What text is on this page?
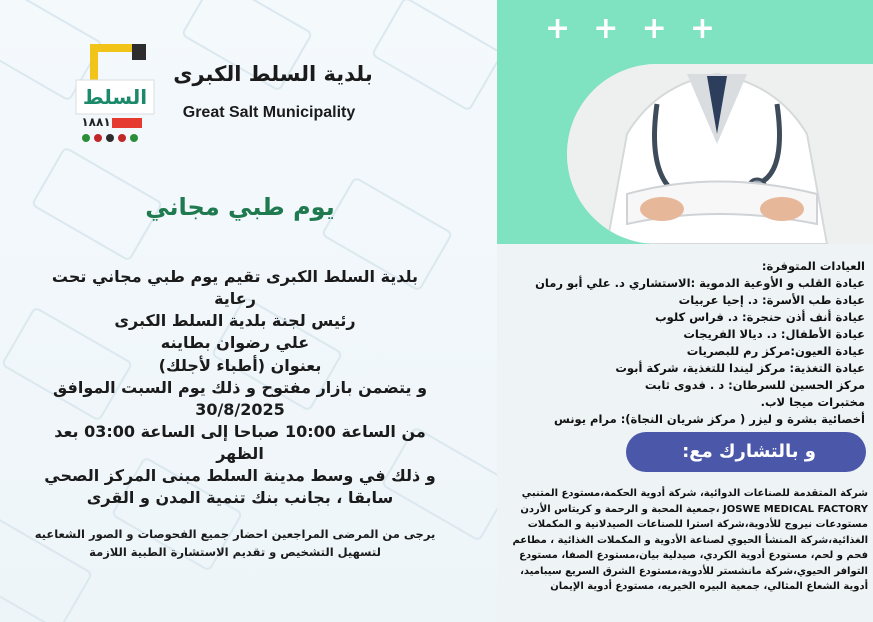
+ + + +
السلط
١٨٨١
بلدية السلط الكبرى
Great Salt Municipality
يوم طبي مجاني
بلدية السلط الكبرى تقيم يوم طبي مجاني تحت رعاية
رئيس لجنة بلدية السلط الكبرى
علي رضوان بطاينه
بعنوان (أطباء لأجلك)
و يتضمن بازار مفتوح و ذلك يوم السبت الموافق
30/8/2025
من الساعة 10:00 صباحا إلى الساعة 03:00 بعد الظهر
و ذلك في وسط مدينة السلط مبنى المركز الصحي
سابقا ، بجانب بنك تنمية المدن و القرى
يرجى من المرضى المراجعين احضار جميع الفحوصات و الصور الشعاعيه
لتسهيل التشخيص و تقديم الاستشارة الطبية اللازمة
العيادات المتوفرة:
عيادة القلب و الأوعية الدموية :الاستشاري د. علي أبو رمان
عيادة طب الأسرة: د. إحيا عربيات
عيادة أنف أذن حنجرة: د. فراس كلوب
عيادة الأطفال: د. ديالا الفريجات
عيادة العيون:مركز رم للبصريات
عيادة التغذية: مركز ليندا للتغذية، شركة أبوت
مركز الحسين للسرطان: د . فدوى ثابت
مختبرات ميجا لاب.
أخصائية بشرة و ليزر ( مركز شريان النجاة): مرام يونس
و بالتشارك مع:
شركة المتقدمة للصناعات الدوائية، شركة أدوية الحكمة،مستودع المتنبي
JOSWE MEDICAL FACTORY ،جمعية المحبة و الرحمة و كريتاس الأردن
مستودعات نيروج للأدوية،شركة استرا للصناعات الصيدلانية و المكملات
الغذائية،شركة المنشأ الحيوي لصناعة الأدوية و المكملات الغذائية ، مطاعم
فحم و لحم، مستودع أدوية الكردي، صيدلية بيان،مستودع الصفا، مستودع
التوافر الحيوي،شركة مانشستر للأدوية،مستودع الشرق السريع سيباميد،
أدوية الشعاع المثالي، جمعية البيره الخيريه، مستودع أدوية الإيمان
